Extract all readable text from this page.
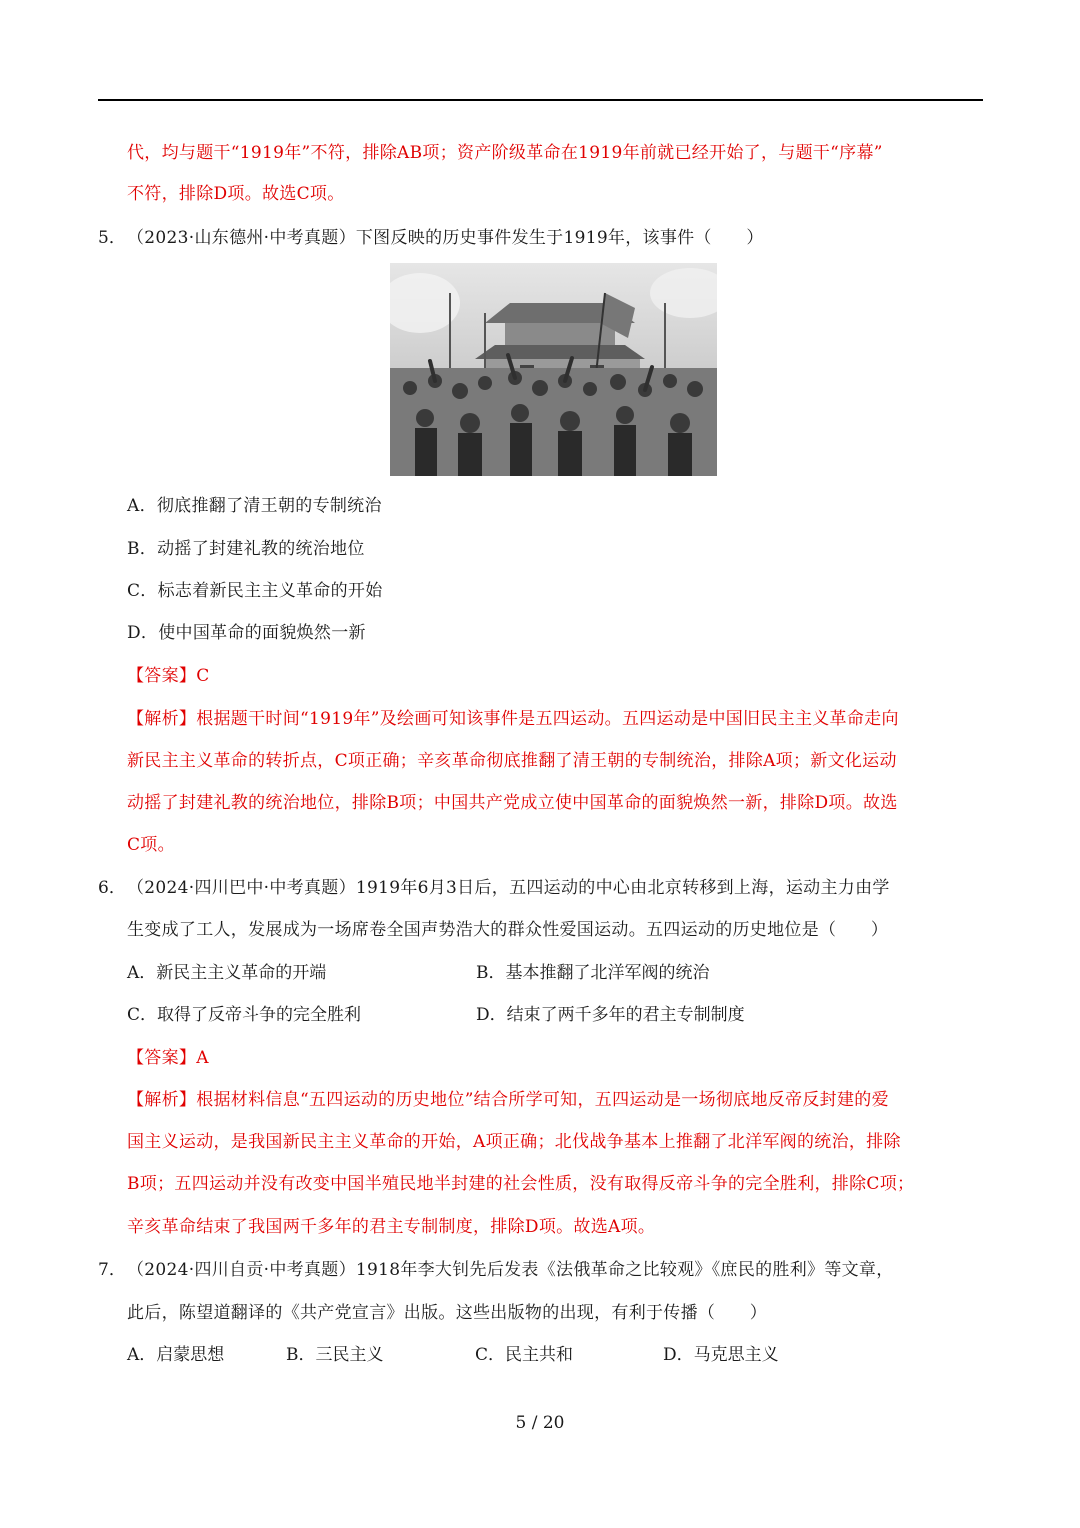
代，均与题干“1919年”不符，排除AB项；资产阶级革命在1919年前就已经开始了，与题干“序幕”
不符，排除D项。故选C项。
5． （2023·山东德州·中考真题）下图反映的历史事件发生于1919年，该事件（　　）
A．彻底推翻了清王朝的专制统治
B．动摇了封建礼教的统治地位
C．标志着新民主主义革命的开始
D．使中国革命的面貌焕然一新
【答案】C
【解析】根据题干时间“1919年”及绘画可知该事件是五四运动。五四运动是中国旧民主主义革命走向
新民主主义革命的转折点，C项正确；辛亥革命彻底推翻了清王朝的专制统治，排除A项；新文化运动
动摇了封建礼教的统治地位，排除B项；中国共产党成立使中国革命的面貌焕然一新，排除D项。故选
C项。
6． （2024·四川巴中·中考真题）1919年6月3日后，五四运动的中心由北京转移到上海，运动主力由学
生变成了工人，发展成为一场席卷全国声势浩大的群众性爱国运动。五四运动的历史地位是（　　）
A．新民主主义革命的开端	B．基本推翻了北洋军阀的统治
C．取得了反帝斗争的完全胜利	D．结束了两千多年的君主专制制度
【答案】A
【解析】根据材料信息“五四运动的历史地位”结合所学可知，五四运动是一场彻底地反帝反封建的爱
国主义运动，是我国新民主主义革命的开始，A项正确；北伐战争基本上推翻了北洋军阀的统治，排除
B项；五四运动并没有改变中国半殖民地半封建的社会性质，没有取得反帝斗争的完全胜利，排除C项；
辛亥革命结束了我国两千多年的君主专制制度，排除D项。故选A项。
7． （2024·四川自贡·中考真题）1918年李大钊先后发表《法俄革命之比较观》《庶民的胜利》等文章，
此后，陈望道翻译的《共产党宣言》出版。这些出版物的出现，有利于传播（　　）
A．启蒙思想	B．三民主义	C．民主共和	D．马克思主义
5 / 20
